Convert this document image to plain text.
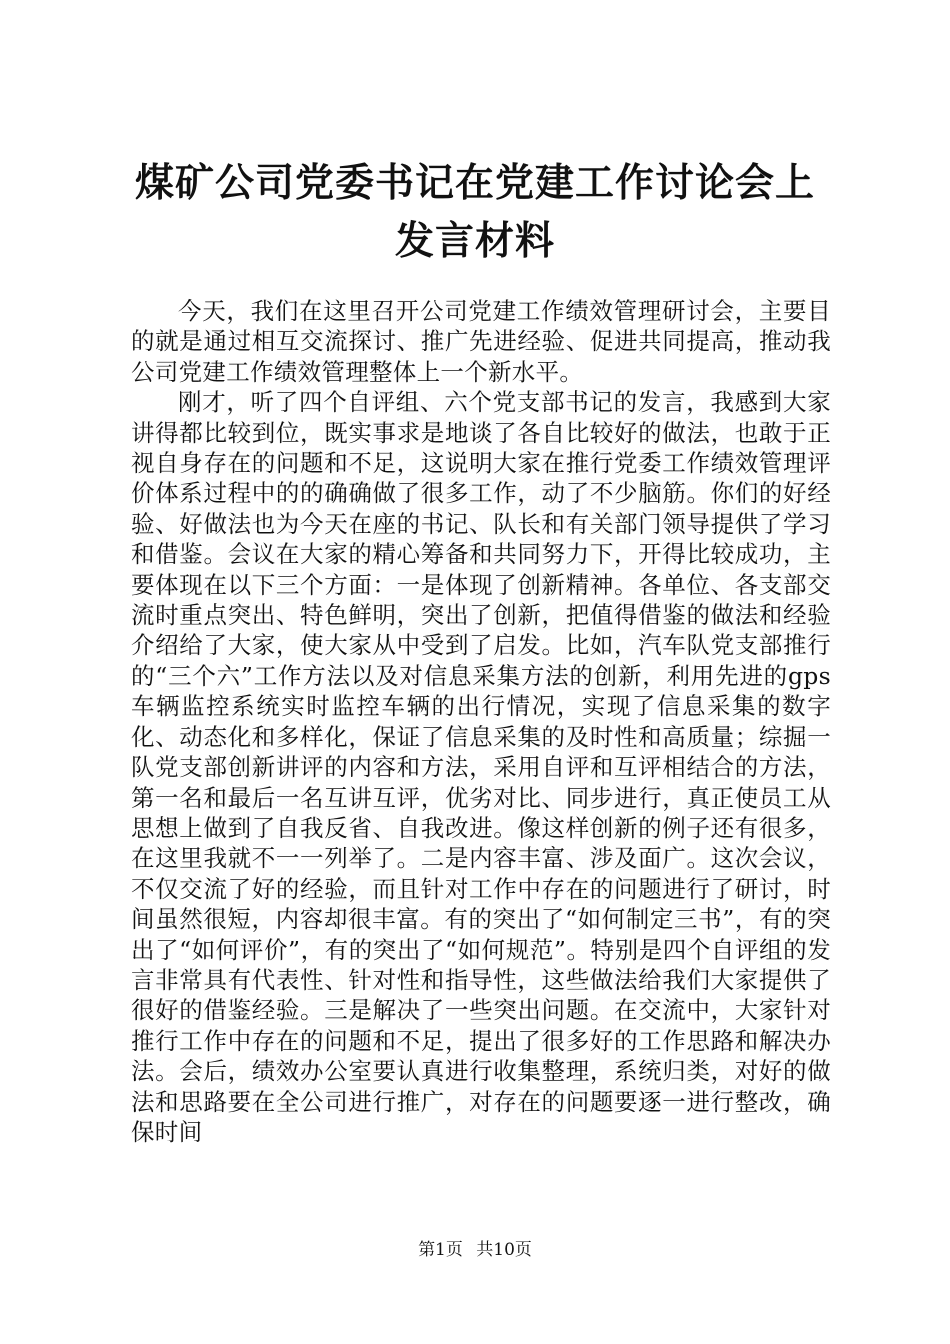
煤矿公司党委书记在党建工作讨论会上发言材料

今天，我们在这里召开公司党建工作绩效管理研讨会，主要目的就是通过相互交流探讨、推广先进经验、促进共同提高，推动我公司党建工作绩效管理整体上一个新水平。

刚才，听了四个自评组、六个党支部书记的发言，我感到大家讲得都比较到位，既实事求是地谈了各自比较好的做法，也敢于正视自身存在的问题和不足，这说明大家在推行党委工作绩效管理评价体系过程中的的确确做了很多工作，动了不少脑筋。你们的好经验、好做法也为今天在座的书记、队长和有关部门领导提供了学习和借鉴。会议在大家的精心筹备和共同努力下，开得比较成功，主要体现在以下三个方面：一是体现了创新精神。各单位、各支部交流时重点突出、特色鲜明，突出了创新，把值得借鉴的做法和经验介绍给了大家，使大家从中受到了启发。比如，汽车队党支部推行的“三个六”工作方法以及对信息采集方法的创新，利用先进的gps车辆监控系统实时监控车辆的出行情况，实现了信息采集的数字化、动态化和多样化，保证了信息采集的及时性和高质量；综掘一队党支部创新讲评的内容和方法，采用自评和互评相结合的方法，第一名和最后一名互讲互评，优劣对比、同步进行，真正使员工从思想上做到了自我反省、自我改进。像这样创新的例子还有很多，在这里我就不一一列举了。二是内容丰富、涉及面广。这次会议，不仅交流了好的经验，而且针对工作中存在的问题进行了研讨，时间虽然很短，内容却很丰富。有的突出了“如何制定三书”，有的突出了“如何评价”，有的突出了“如何规范”。特别是四个自评组的发言非常具有代表性、针对性和指导性，这些做法给我们大家提供了很好的借鉴经验。三是解决了一些突出问题。在交流中，大家针对推行工作中存在的问题和不足，提出了很多好的工作思路和解决办法。会后，绩效办公室要认真进行收集整理，系统归类，对好的做法和思路要在全公司进行推广，对存在的问题要逐一进行整改，确保时间

第1页 共10页
